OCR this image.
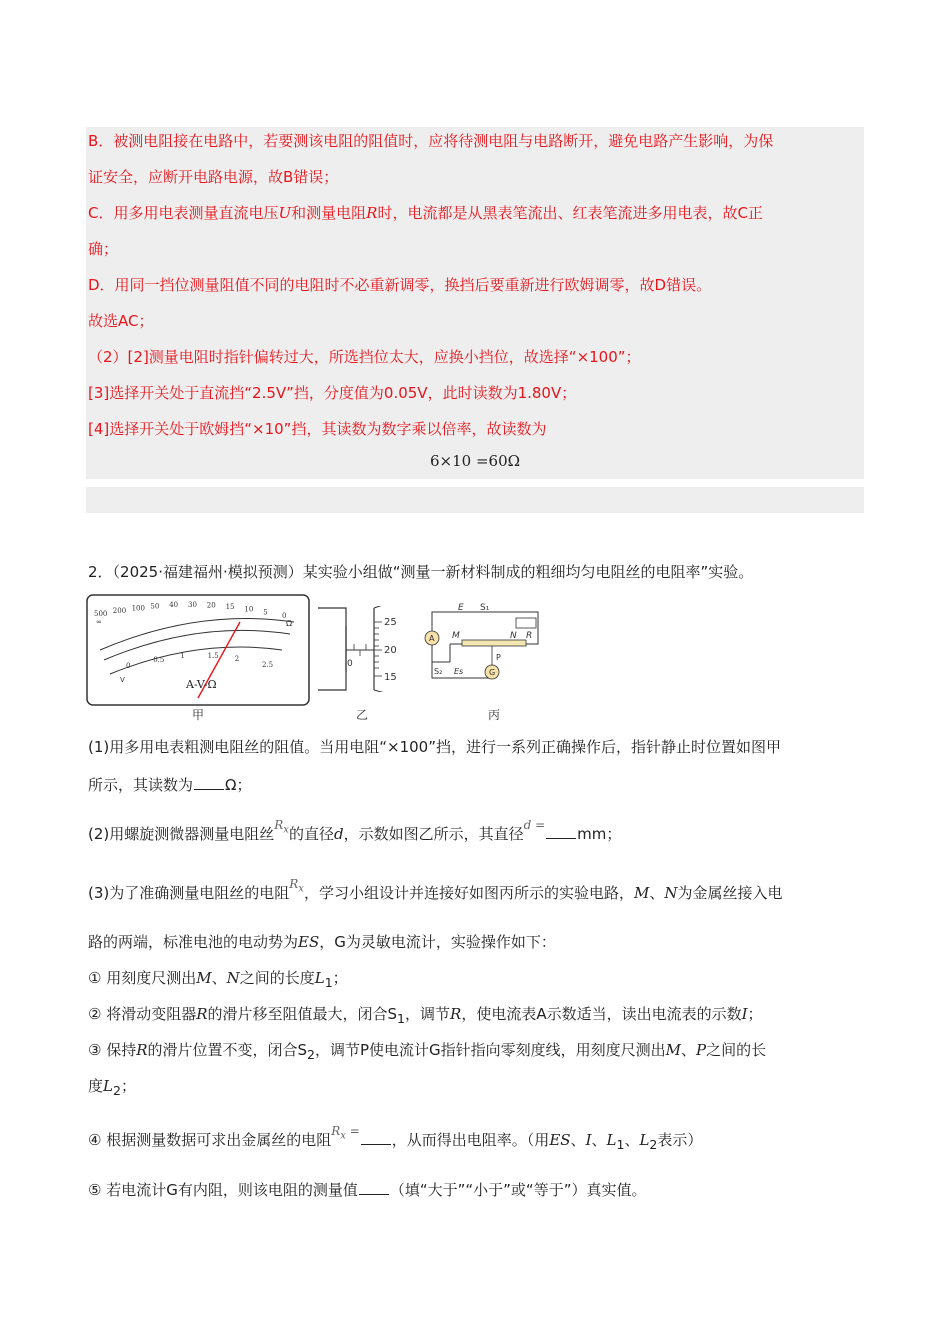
B．被测电阻接在电路中，若要测该电阻的阻值时，应将待测电阻与电路断开，避免电路产生影响，为保
证安全，应断开电路电源，故B错误；
C．用多用电表测量直流电压U和测量电阻R时，电流都是从黑表笔流出、红表笔流进多用电表，故C正
确；
D．用同一挡位测量阻值不同的电阻时不必重新调零，换挡后要重新进行欧姆调零，故D错误。
故选AC；
（2）[2]测量电阻时指针偏转过大，所选挡位太大，应换小挡位，故选择“×100”；
[3]选择开关处于直流挡“2.5V”挡，分度值为0.05V，此时读数为1.80V；
[4]选择开关处于欧姆挡“×10”挡，其读数为数字乘以倍率，故读数为
6×10 =60Ω
2．（2025·福建福州·模拟预测）某实验小组做“测量一新材料制成的粗细均匀电阻丝的电阻率”实验。
500 200 100 50 40 30 20 15 10 5 0
0
0.5 1	1.5 2
2.5
∞	Ω
V	A-V-Ω
甲
25
20
15
0
乙
A
G
E S₁
M	N R
P
S₂ Es
丙
(1)用多用电表粗测电阻丝的阻值。当用电阻“×100”挡，进行一系列正确操作后，指针静止时位置如图甲
所示，其读数为 Ω；
(2)用螺旋测微器测量电阻丝$^{R_x}$的直径d，示数如图乙所示，其直径$^{d =}$ mm；
(3)为了准确测量电阻丝的电阻$^{R_x}$，学习小组设计并连接好如图丙所示的实验电路，M、N为金属丝接入电
路的两端，标准电池的电动势为ES，G为灵敏电流计，实验操作如下：
① 用刻度尺测出M、N之间的长度$L_1$；
② 将滑动变阻器R的滑片移至阻值最大，闭合$S_1$，调节R，使电流表A示数适当，读出电流表的示数I；
③ 保持R的滑片位置不变，闭合$S_2$，调节P使电流计G指针指向零刻度线，用刻度尺测出M、P之间的长
度$L_2$；
④ 根据测量数据可求出金属丝的电阻$^{R_x =}$ ，从而得出电阻率。（用ES、I、$L_1$、$L_2$表示）
⑤ 若电流计G有内阻，则该电阻的测量值 （填“大于”“小于”或“等于”）真实值。
